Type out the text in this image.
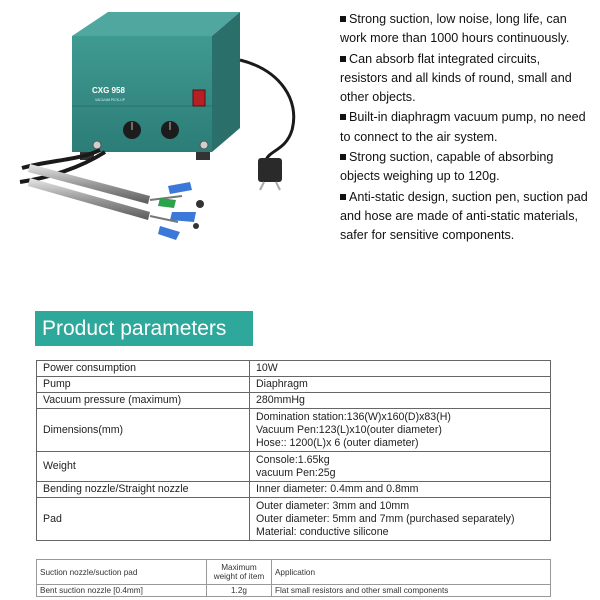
CXG 958
VACUUM PICK-UP
Strong suction, low noise, long life, can work more than 1000 hours continuously.
Can absorb flat integrated circuits, resistors and all kinds of round, small and other objects.
Built-in diaphragm vacuum pump, no need to connect to the air system.
Strong suction, capable of absorbing objects weighing up to 120g.
Anti-static design, suction pen, suction pad and hose are made of anti-static materials, safer for sensitive components.
Product parameters
Power consumption	10W
Pump	Diaphragm
Vacuum pressure (maximum)	280mmHg
Dimensions(mm)	Domination station:136(W)x160(D)x83(H)
Vacuum Pen:123(L)x10(outer diameter)
Hose:: 1200(L)x 6 (outer diameter)

Weight	Console:1.65kg
vacuum Pen:25g

Bending nozzle/Straight nozzle	Inner diameter: 0.4mm and 0.8mm
Pad	Outer diameter: 3mm and 10mm
Outer diameter: 5mm and 7mm (purchased separately)
Material: conductive silicone
Suction nozzle/suction pad	Maximum weight of item	Application
Bent suction nozzle [0.4mm]	1.2g	Flat small resistors and other small components
